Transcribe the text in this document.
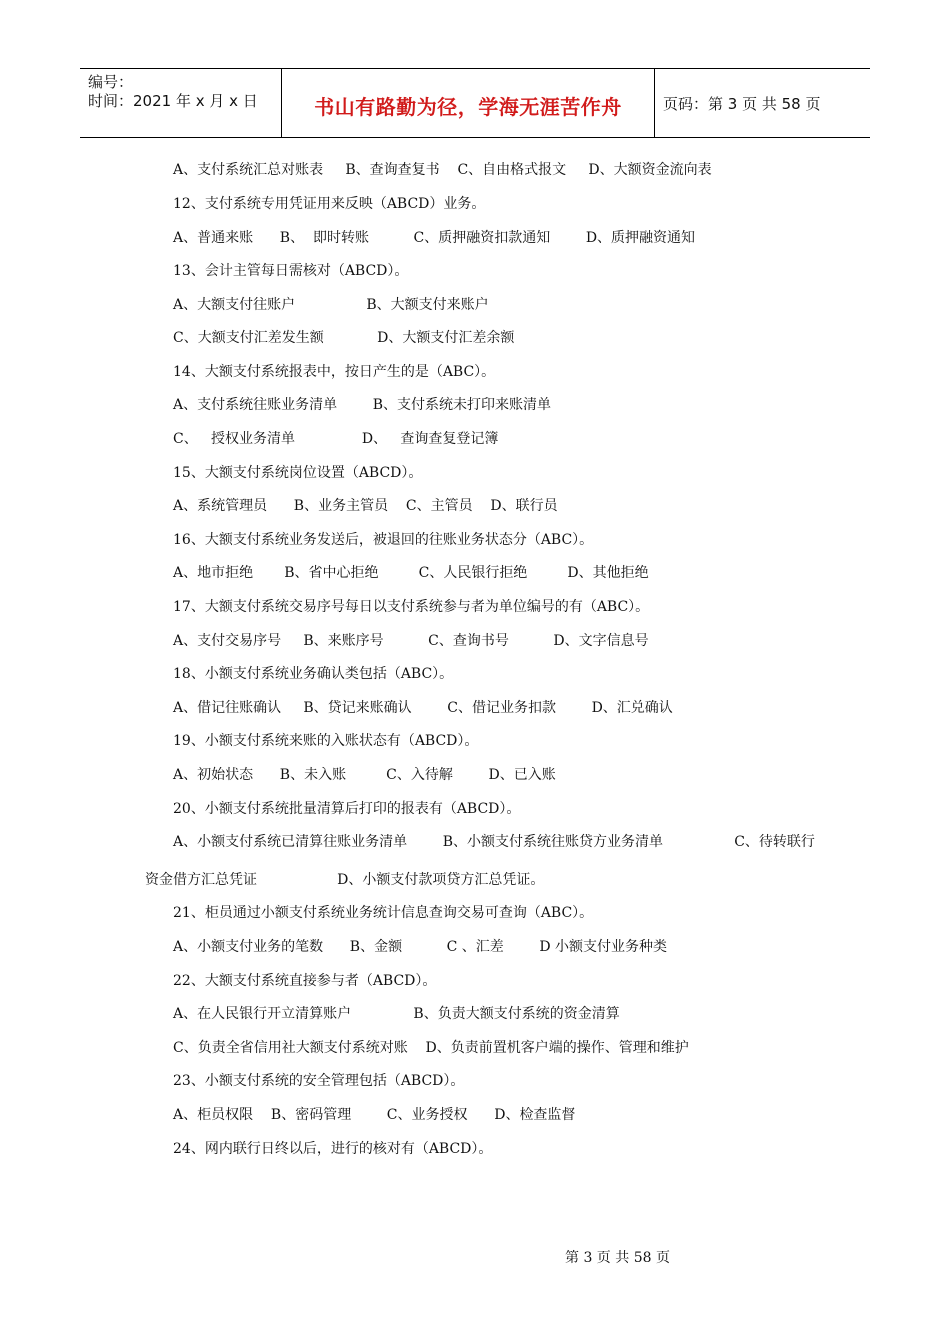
编号：
时间：2021 年 x 月 x 日	书山有路勤为径，学海无涯苦作舟	页码：第 3 页 共 58 页
A、支付系统汇总对账表     B、查询查复书    C、自由格式报文     D、大额资金流向表
12、支付系统专用凭证用来反映（ABCD）业务。
A、普通来账      B、  即时转账          C、质押融资扣款通知        D、质押融资通知
13、会计主管每日需核对（ABCD）。
A、大额支付往账户                B、大额支付来账户
C、大额支付汇差发生额            D、大额支付汇差余额
14、大额支付系统报表中，按日产生的是（ABC）。
A、支付系统往账业务清单        B、支付系统未打印来账清单
C、   授权业务清单               D、   查询查复登记簿
15、大额支付系统岗位设置（ABCD）。
A、系统管理员      B、业务主管员    C、主管员    D、联行员
16、大额支付系统业务发送后，被退回的往账业务状态分（ABC）。
A、地市拒绝       B、省中心拒绝         C、人民银行拒绝         D、其他拒绝
17、大额支付系统交易序号每日以支付系统参与者为单位编号的有（ABC）。
A、支付交易序号     B、来账序号          C、查询书号          D、文字信息号
18、小额支付系统业务确认类包括（ABC）。
A、借记往账确认     B、贷记来账确认        C、借记业务扣款        D、汇兑确认
19、小额支付系统来账的入账状态有（ABCD）。
A、初始状态      B、未入账         C、入待解        D、已入账
20、小额支付系统批量清算后打印的报表有（ABCD）。
A、小额支付系统已清算往账业务清单        B、小额支付系统往账贷方业务清单                C、待转联行
资金借方汇总凭证                  D、小额支付款项贷方汇总凭证。
21、柜员通过小额支付系统业务统计信息查询交易可查询（ABC）。
A、小额支付业务的笔数      B、金额          C 、汇差        D 小额支付业务种类
22、大额支付系统直接参与者（ABCD）。
A、在人民银行开立清算账户              B、负责大额支付系统的资金清算
C、负责全省信用社大额支付系统对账    D、负责前置机客户端的操作、管理和维护
23、小额支付系统的安全管理包括（ABCD）。
A、柜员权限    B、密码管理        C、业务授权      D、检查监督
24、网内联行日终以后，进行的核对有（ABCD）。
第 3 页 共 58 页
